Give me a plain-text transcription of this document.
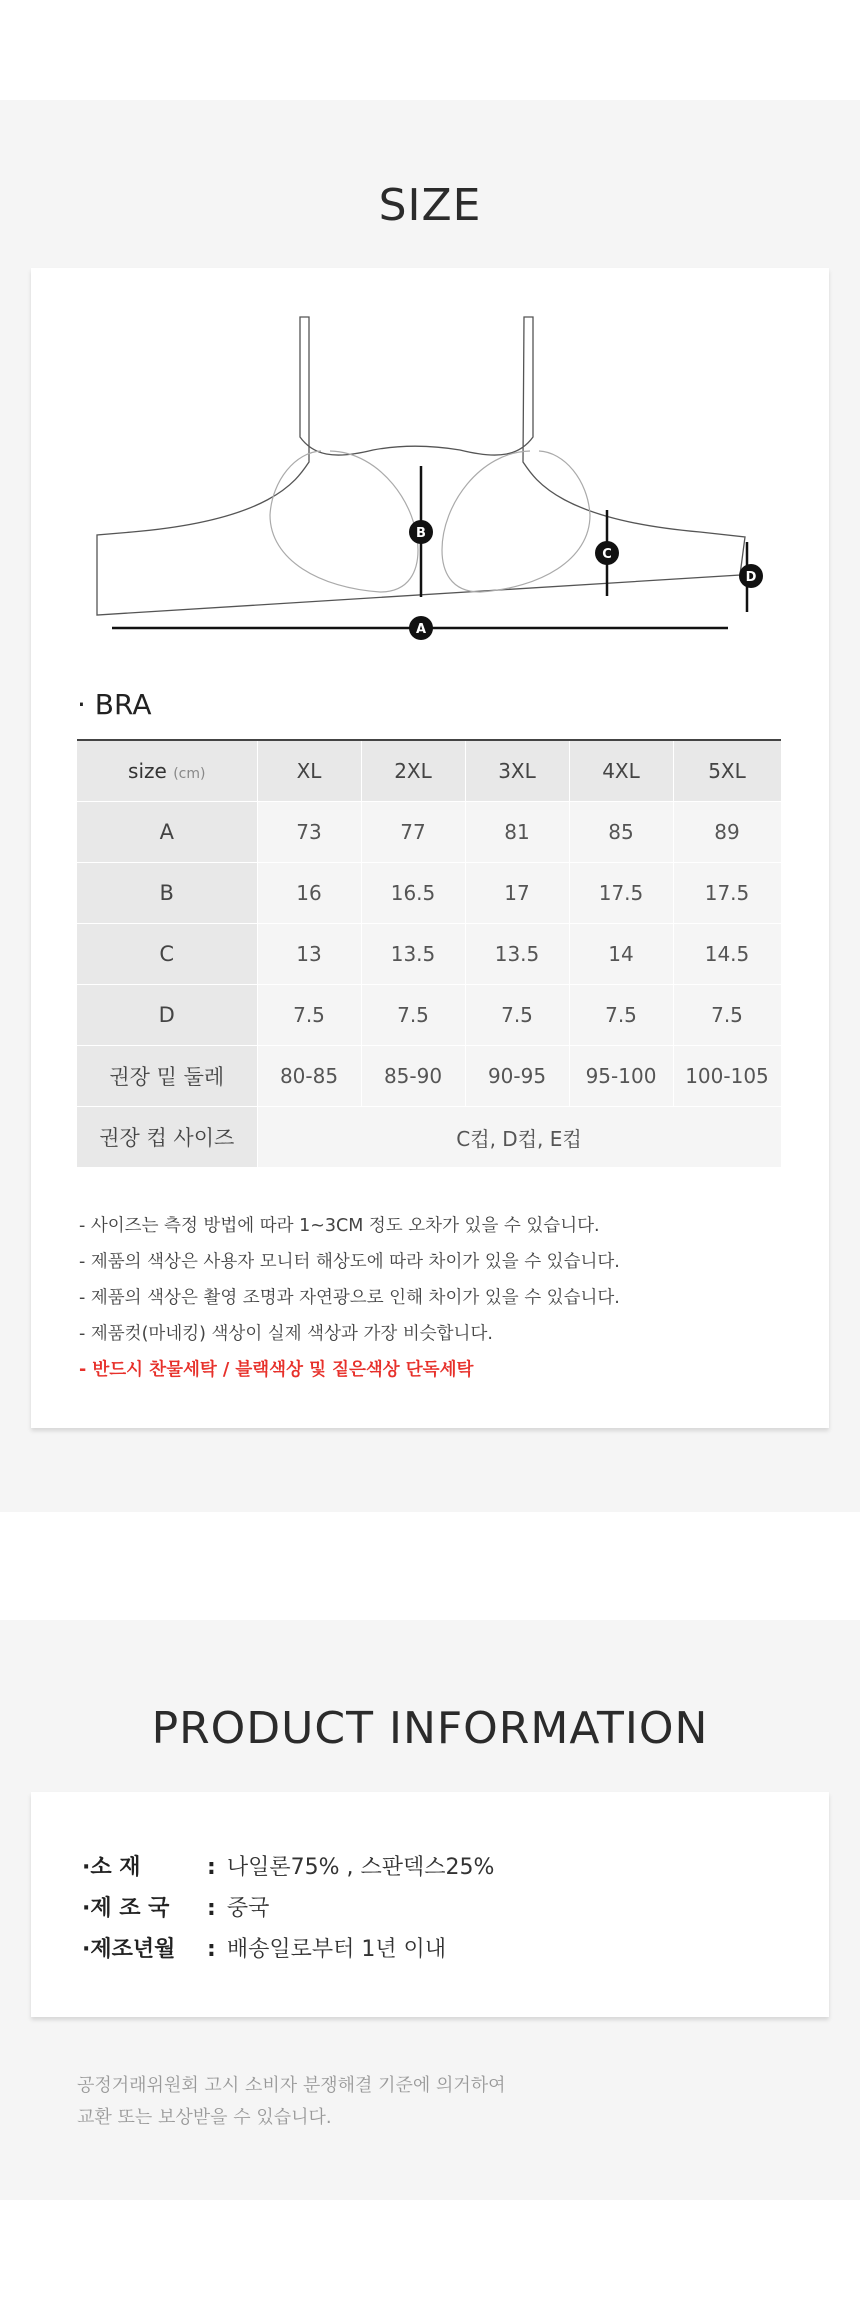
SIZE
A
B
C
D
· BRA
size (cm)	XL	2XL	3XL	4XL	5XL
A	73	77	81	85	89
B	16	16.5	17	17.5	17.5
C	13	13.5	13.5	14	14.5
D	7.5	7.5	7.5	7.5	7.5
권장 밑 둘레	80-85	85-90	90-95	95-100	100-105
권장 컵 사이즈	C컵, D컵, E컵				
- 사이즈는 측정 방법에 따라 1~3CM 정도 오차가 있을 수 있습니다.
- 제품의 색상은 사용자 모니터 해상도에 따라 차이가 있을 수 있습니다.
- 제품의 색상은 촬영 조명과 자연광으로 인해 차이가 있을 수 있습니다.
- 제품컷(마네킹) 색상이 실제 색상과 가장 비슷합니다.
- 반드시 찬물세탁 / 블랙색상 및 짙은색상 단독세탁
PRODUCT INFORMATION
·소 재	: 나일론75% , 스판덱스25%
·제 조 국 : 중국
·제조년월 : 배송일로부터 1년 이내
공정거래위원회 고시 소비자 분쟁해결 기준에 의거하여
교환 또는 보상받을 수 있습니다.
